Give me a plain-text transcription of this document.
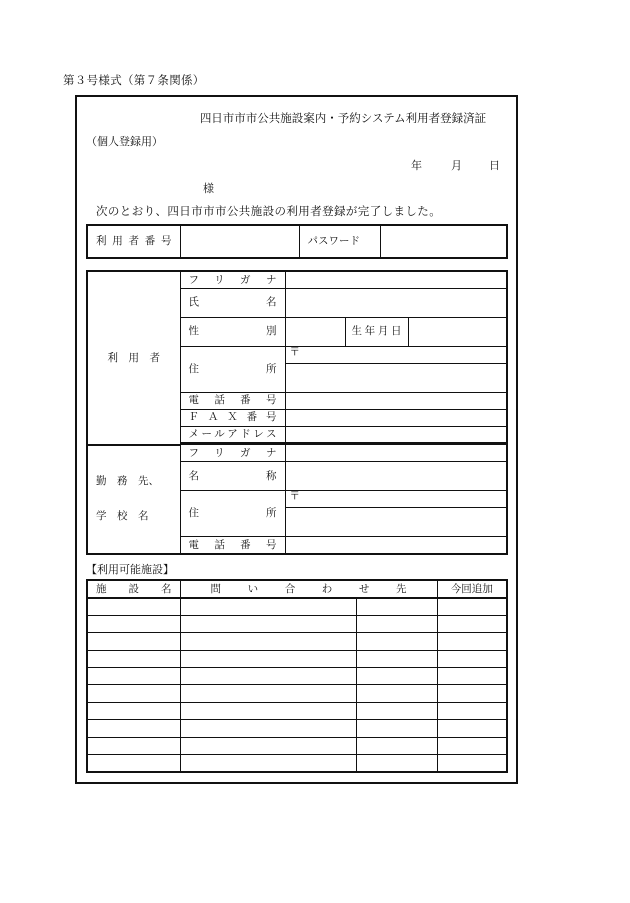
第３号様式（第７条関係）
四日市市市公共施設案内・予約システム利用者登録済証
（個人登録用）
年	月 日
様
次のとおり、四日市市市公共施設の利用者登録が完了しました。
利用者番号		パスワード	
利　用　者	フリガナ			

	氏　名			

	性　別		生年月日	

	住　所	〒		

	電話番号			

	ＦＡＸ番号			

	メールアドレス			

勤　務　先、
学　校　名	フリガナ			

	名　称			

	住　所	〒		

	電話番号			

【利用可能施設】
施設名	問い合わせ先		今回追加
